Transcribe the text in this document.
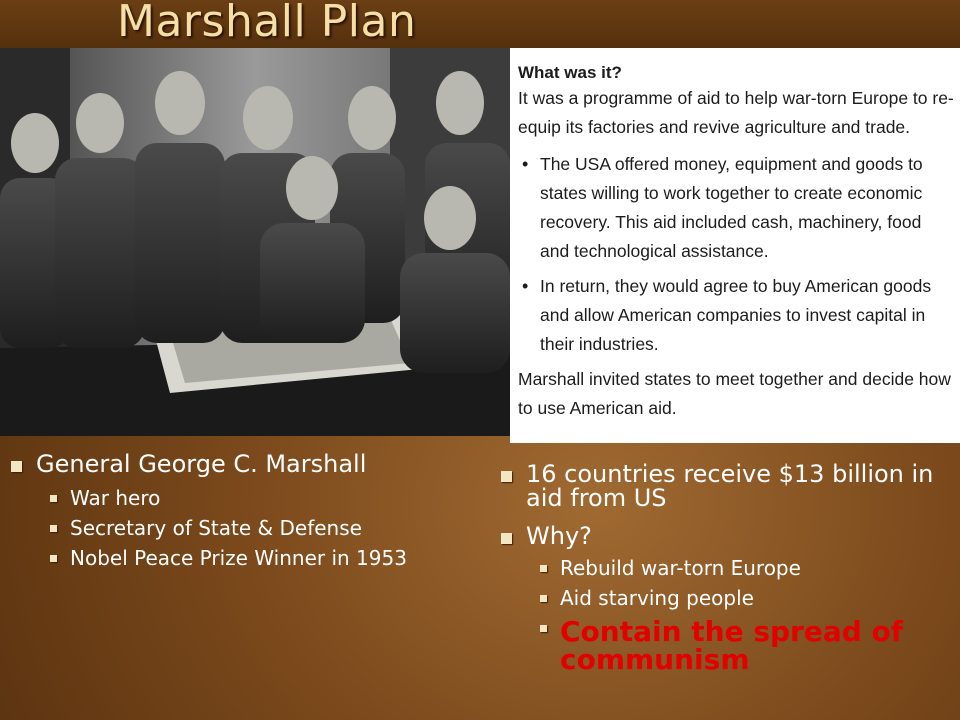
Marshall Plan
What was it?

It was a programme of aid to help war-torn Europe to re-equip its factories and revive agriculture and trade.

• The USA offered money, equipment and goods to states willing to work together to create economic recovery. This aid included cash, machinery, food and technological assistance.
• In return, they would agree to buy American goods and allow American companies to invest capital in their industries.

Marshall invited states to meet together and decide how to use American aid.

General George C. Marshall
War hero
Secretary of State & Defense
Nobel Peace Prize Winner in 1953
16 countries receive $13 billion in aid from US
Why?
Rebuild war-torn Europe
Aid starving people
Contain the spread of communism
